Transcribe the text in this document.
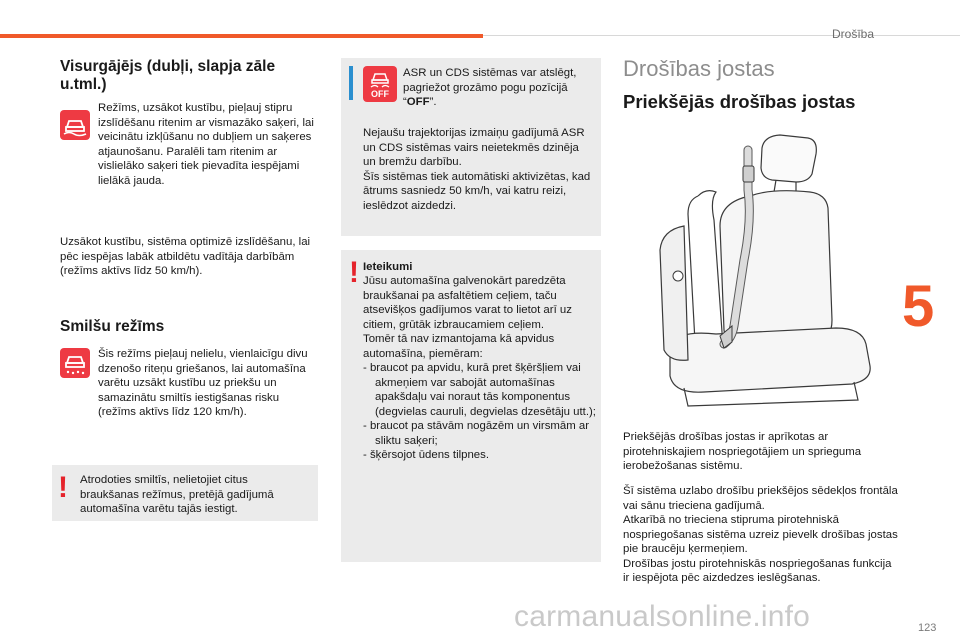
Drošība
5
Visurgājējs (dubļi, slapja zāle u.tml.)
Režīms, uzsākot kustību, pieļauj stipru izslīdēšanu ritenim ar vismazāko saķeri, lai veicinātu izkļūšanu no dubļiem un saķeres atjaunošanu. Paralēli tam ritenim ar vislielāko saķeri tiek pievadīta iespējami lielākā jauda.
Uzsākot kustību, sistēma optimizē izslīdēšanu, lai pēc iespējas labāk atbildētu vadītāja darbībām
(režīms aktīvs līdz 50 km/h).
Smilšu režīms
Šis režīms pieļauj nelielu, vienlaicīgu divu dzenošo riteņu griešanos, lai automašīna varētu uzsākt kustību uz priekšu un samazinātu smiltīs iestigšanas risku
(režīms aktīvs līdz 120 km/h).
! Atrodoties smiltīs, nelietojiet citus braukšanas režīmus, pretējā gadījumā automašīna varētu tajās iestigt.
OFF
ASR un CDS sistēmas var atslēgt, pagriežot grozāmo pogu pozīcijā “OFF”.
Nejaušu trajektorijas izmaiņu gadījumā ASR un CDS sistēmas vairs neietekmēs dzinēja un bremžu darbību.
Šīs sistēmas tiek automātiski aktivizētas, kad ātrums sasniedz 50 km/h, vai katru reizi, ieslēdzot aizdedzi.
! Ieteikumi
Jūsu automašīna galvenokārt paredzēta braukšanai pa asfaltētiem ceļiem, taču atsevišķos gadījumos varat to lietot arī uz citiem, grūtāk izbraucamiem ceļiem.
Tomēr tā nav izmantojama kā apvidus automašīna, piemēram:
- braucot pa apvidu, kurā pret šķēršļiem vai akmeņiem var sabojāt automašīnas apakšdaļu vai noraut tās komponentus (degvielas cauruli, degvielas dzesētāju utt.);
- braucot pa stāvām nogāzēm un virsmām ar sliktu saķeri;
- šķērsojot ūdens tilpnes.
Drošības jostas
Priekšējās drošības jostas
Priekšējās drošības jostas ir aprīkotas ar pirotehniskajiem nospriegotājiem un sprieguma ierobežošanas sistēmu.
Šī sistēma uzlabo drošību priekšējos sēdekļos frontāla vai sānu trieciena gadījumā.
Atkarībā no trieciena stipruma pirotehniskā nospriegošanas sistēma uzreiz pievelk drošības jostas pie braucēju ķermeņiem.
Drošības jostu pirotehniskās nospriegošanas funkcija ir iespējota pēc aizdedzes ieslēgšanas.
carmanualsonline.info	123
